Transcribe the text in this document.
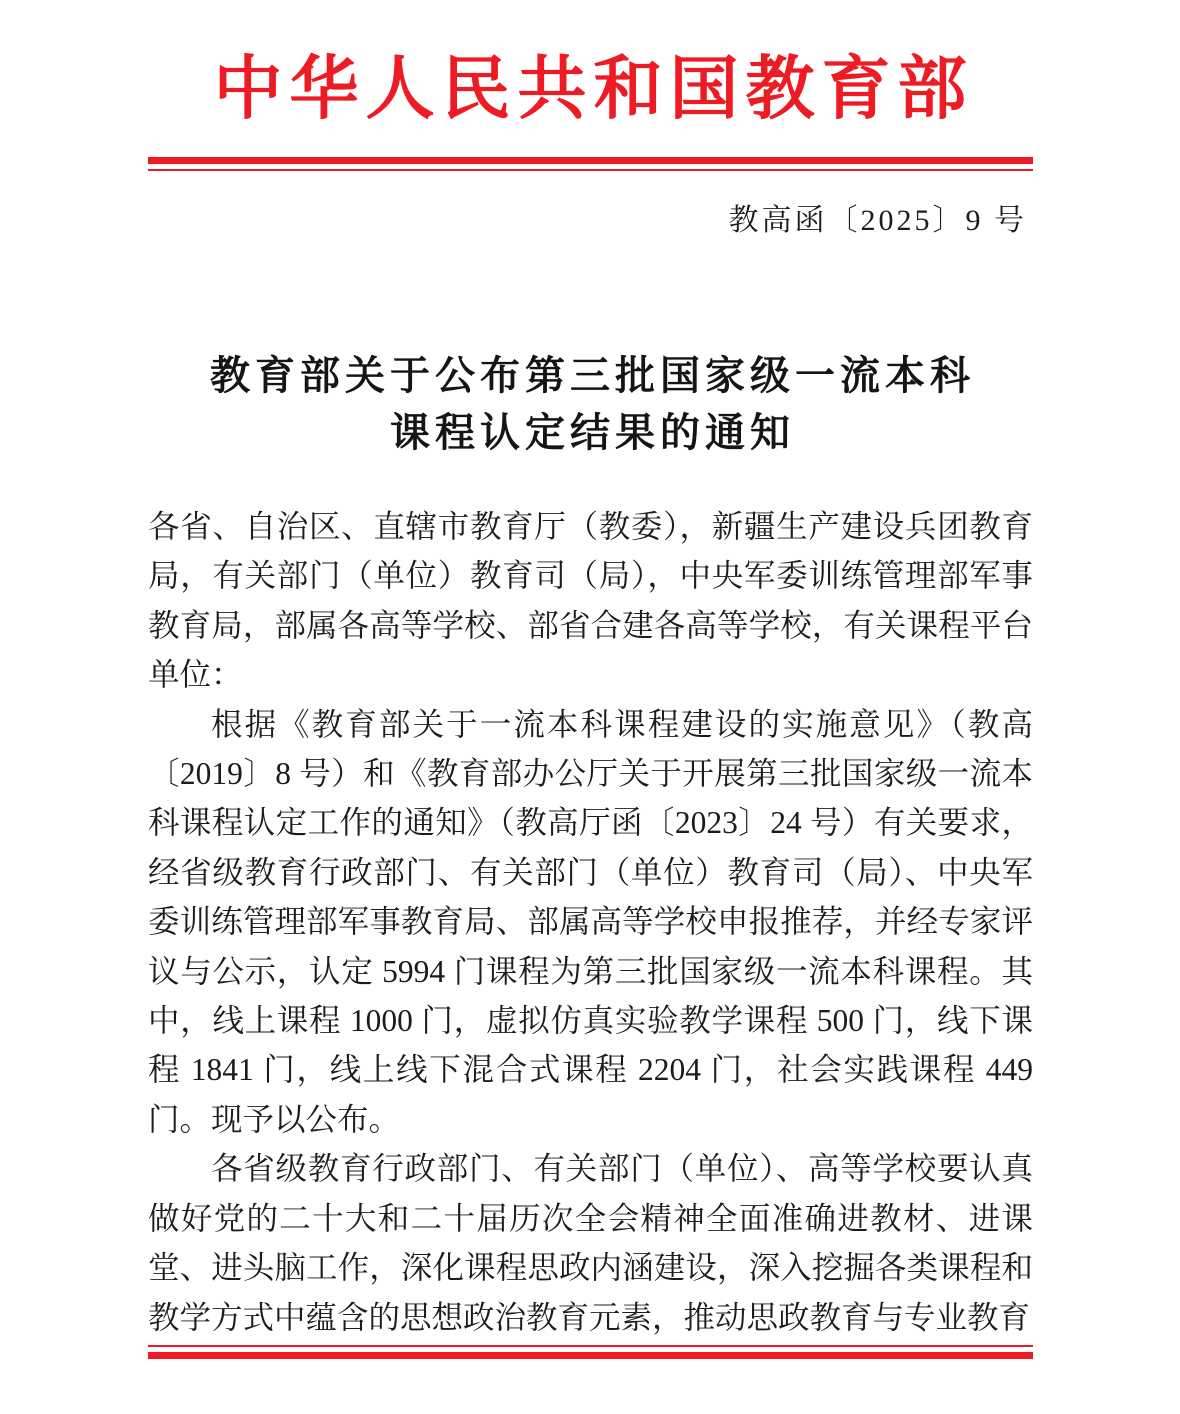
中华人民共和国教育部
教高函〔2025〕9 号
教育部关于公布第三批国家级一流本科
课程认定结果的通知

各省、自治区、直辖市教育厅（教委），新疆生产建设兵团教育局，有关部门（单位）教育司（局），中央军委训练管理部军事教育局，部属各高等学校、部省合建各高等学校，有关课程平台单位：

根据《教育部关于一流本科课程建设的实施意见》（教高〔2019〕8 号）和《教育部办公厅关于开展第三批国家级一流本科课程认定工作的通知》（教高厅函〔2023〕24 号）有关要求，经省级教育行政部门、有关部门（单位）教育司（局）、中央军委训练管理部军事教育局、部属高等学校申报推荐，并经专家评议与公示，认定 5994 门课程为第三批国家级一流本科课程。其中，线上课程 1000 门，虚拟仿真实验教学课程 500 门，线下课程 1841 门，线上线下混合式课程 2204 门，社会实践课程 449 门。现予以公布。

各省级教育行政部门、有关部门（单位）、高等学校要认真做好党的二十大和二十届历次全会精神全面准确进教材、进课堂、进头脑工作，深化课程思政内涵建设，深入挖掘各类课程和教学方式中蕴含的思想政治教育元素，推动思政教育与专业教育
